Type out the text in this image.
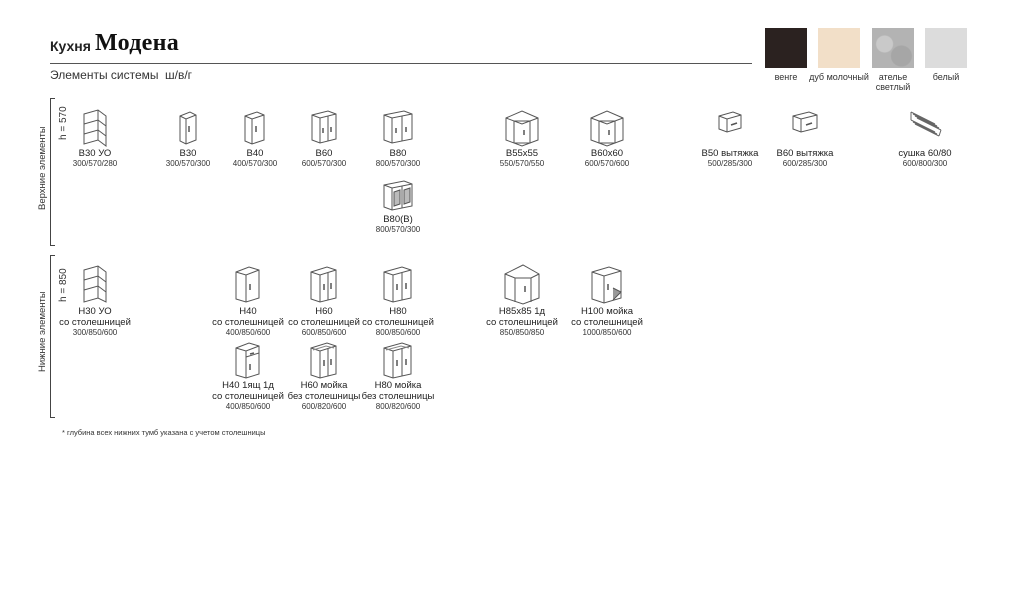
Кухня Модена
Элементы системы ш/в/г	венге	дуб молочный	ателье светлый
белый
Верхние элементы
h = 570
Нижние элементы
h = 850
В30 УО
300/570/280
В30
300/570/300
В40
400/570/300
В60
600/570/300
В80
800/570/300
В55х55
550/570/550
В60х60
600/570/600
В50 вытяжка
500/285/300
В60 вытяжка
600/285/300
сушка 60/80
600/800/300
В80(В)
800/570/300
Н30 УО
со столешницей
300/850/600
Н40
со столешницей
400/850/600
Н60
со столешницей
600/850/600
Н80
со столешницей
800/850/600
Н85х85 1д
со столешницей
850/850/850
Н100 мойка
со столешницей
1000/850/600
Н40 1ящ 1д
со столешницей
400/850/600
Н60 мойка
без столешницы
600/820/600
Н80 мойка
без столешницы
800/820/600
* глубина всех нижних тумб указана с учетом столешницы
